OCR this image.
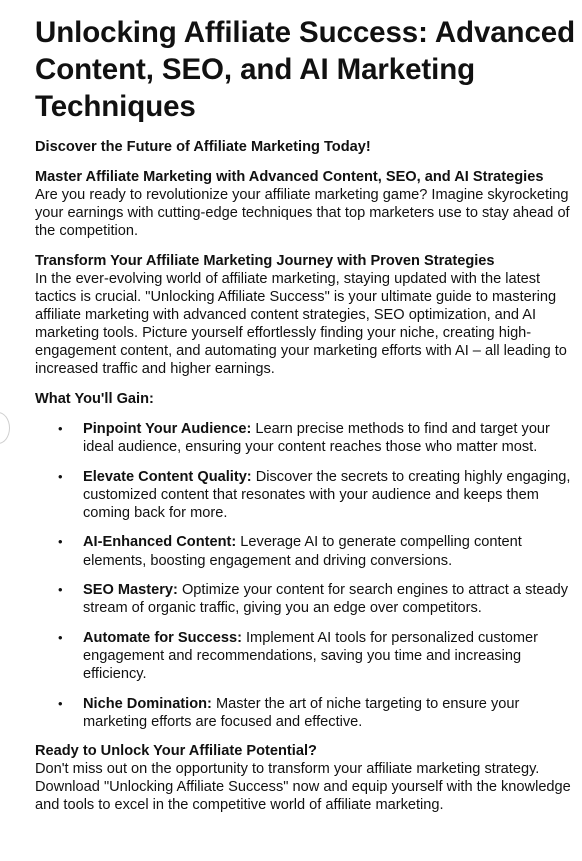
Unlocking Affiliate Success: Advanced Content, SEO, and AI Marketing Techniques

Discover the Future of Affiliate Marketing Today!

Master Affiliate Marketing with Advanced Content, SEO, and AI Strategies

Are you ready to revolutionize your affiliate marketing game? Imagine skyrocketing your earnings with cutting-edge techniques that top marketers use to stay ahead of the competition.

Transform Your Affiliate Marketing Journey with Proven Strategies

In the ever-evolving world of affiliate marketing, staying updated with the latest tactics is crucial. "Unlocking Affiliate Success" is your ultimate guide to mastering affiliate marketing with advanced content strategies, SEO optimization, and AI marketing tools. Picture yourself effortlessly finding your niche, creating high-engagement content, and automating your marketing efforts with AI – all leading to increased traffic and higher earnings.

What You'll Gain:

• Pinpoint Your Audience: Learn precise methods to find and target your ideal audience, ensuring your content reaches those who matter most.
• Elevate Content Quality: Discover the secrets to creating highly engaging, customized content that resonates with your audience and keeps them coming back for more.
• AI-Enhanced Content: Leverage AI to generate compelling content elements, boosting engagement and driving conversions.
• SEO Mastery: Optimize your content for search engines to attract a steady stream of organic traffic, giving you an edge over competitors.
• Automate for Success: Implement AI tools for personalized customer engagement and recommendations, saving you time and increasing efficiency.
• Niche Domination: Master the art of niche targeting to ensure your marketing efforts are focused and effective.

Ready to Unlock Your Affiliate Potential?

Don't miss out on the opportunity to transform your affiliate marketing strategy. Download "Unlocking Affiliate Success" now and equip yourself with the knowledge and tools to excel in the competitive world of affiliate marketing.
